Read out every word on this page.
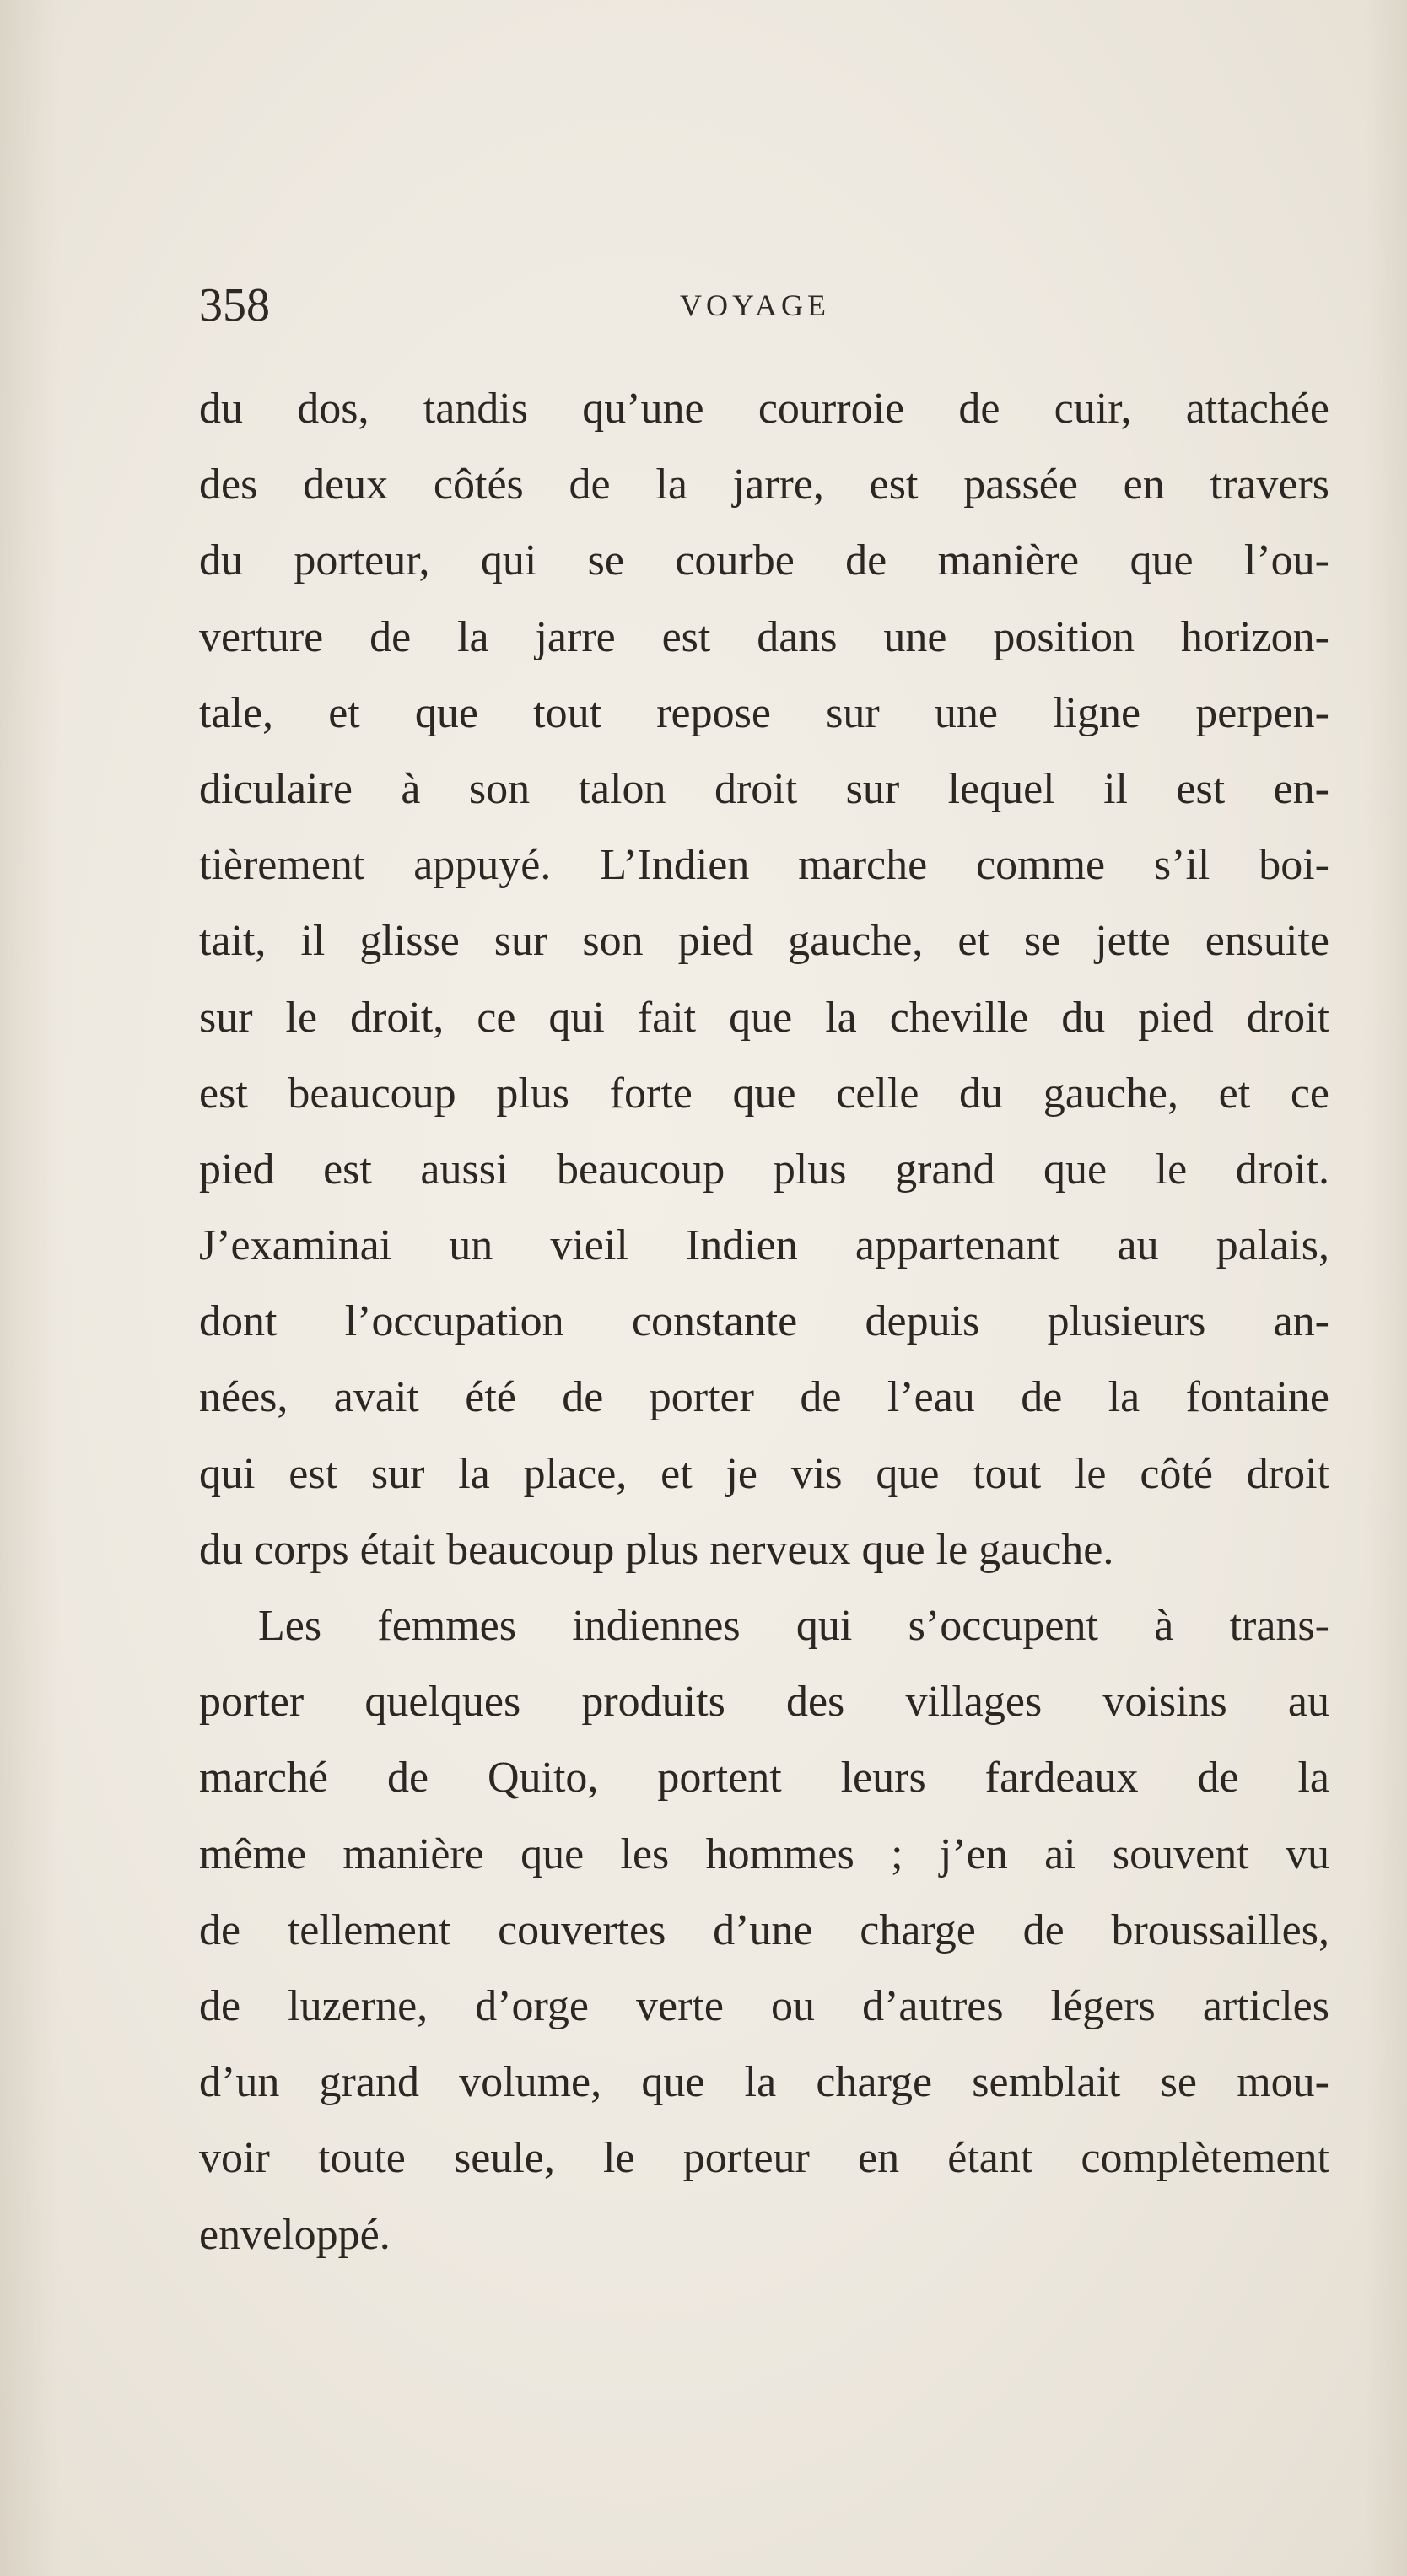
358	VOYAGE
du dos, tandis qu’une courroie de cuir, attachée
des deux côtés de la jarre, est passée en travers
du porteur, qui se courbe de manière que l’ou-
verture de la jarre est dans une position horizon-
tale, et que tout repose sur une ligne perpen-
diculaire à son talon droit sur lequel il est en-
tièrement appuyé. L’Indien marche comme s’il boi-
tait, il glisse sur son pied gauche, et se jette ensuite
sur le droit, ce qui fait que la cheville du pied droit
est beaucoup plus forte que celle du gauche, et ce
pied est aussi beaucoup plus grand que le droit.
J’examinai un vieil Indien appartenant au palais,
dont l’occupation constante depuis plusieurs an-
nées, avait été de porter de l’eau de la fontaine
qui est sur la place, et je vis que tout le côté droit
du corps était beaucoup plus nerveux que le gauche.
Les femmes indiennes qui s’occupent à trans-
porter quelques produits des villages voisins au
marché de Quito, portent leurs fardeaux de la
même manière que les hommes ; j’en ai souvent vu
de tellement couvertes d’une charge de broussailles,
de luzerne, d’orge verte ou d’autres légers articles
d’un grand volume, que la charge semblait se mou-
voir toute seule, le porteur en étant complètement
enveloppé.
